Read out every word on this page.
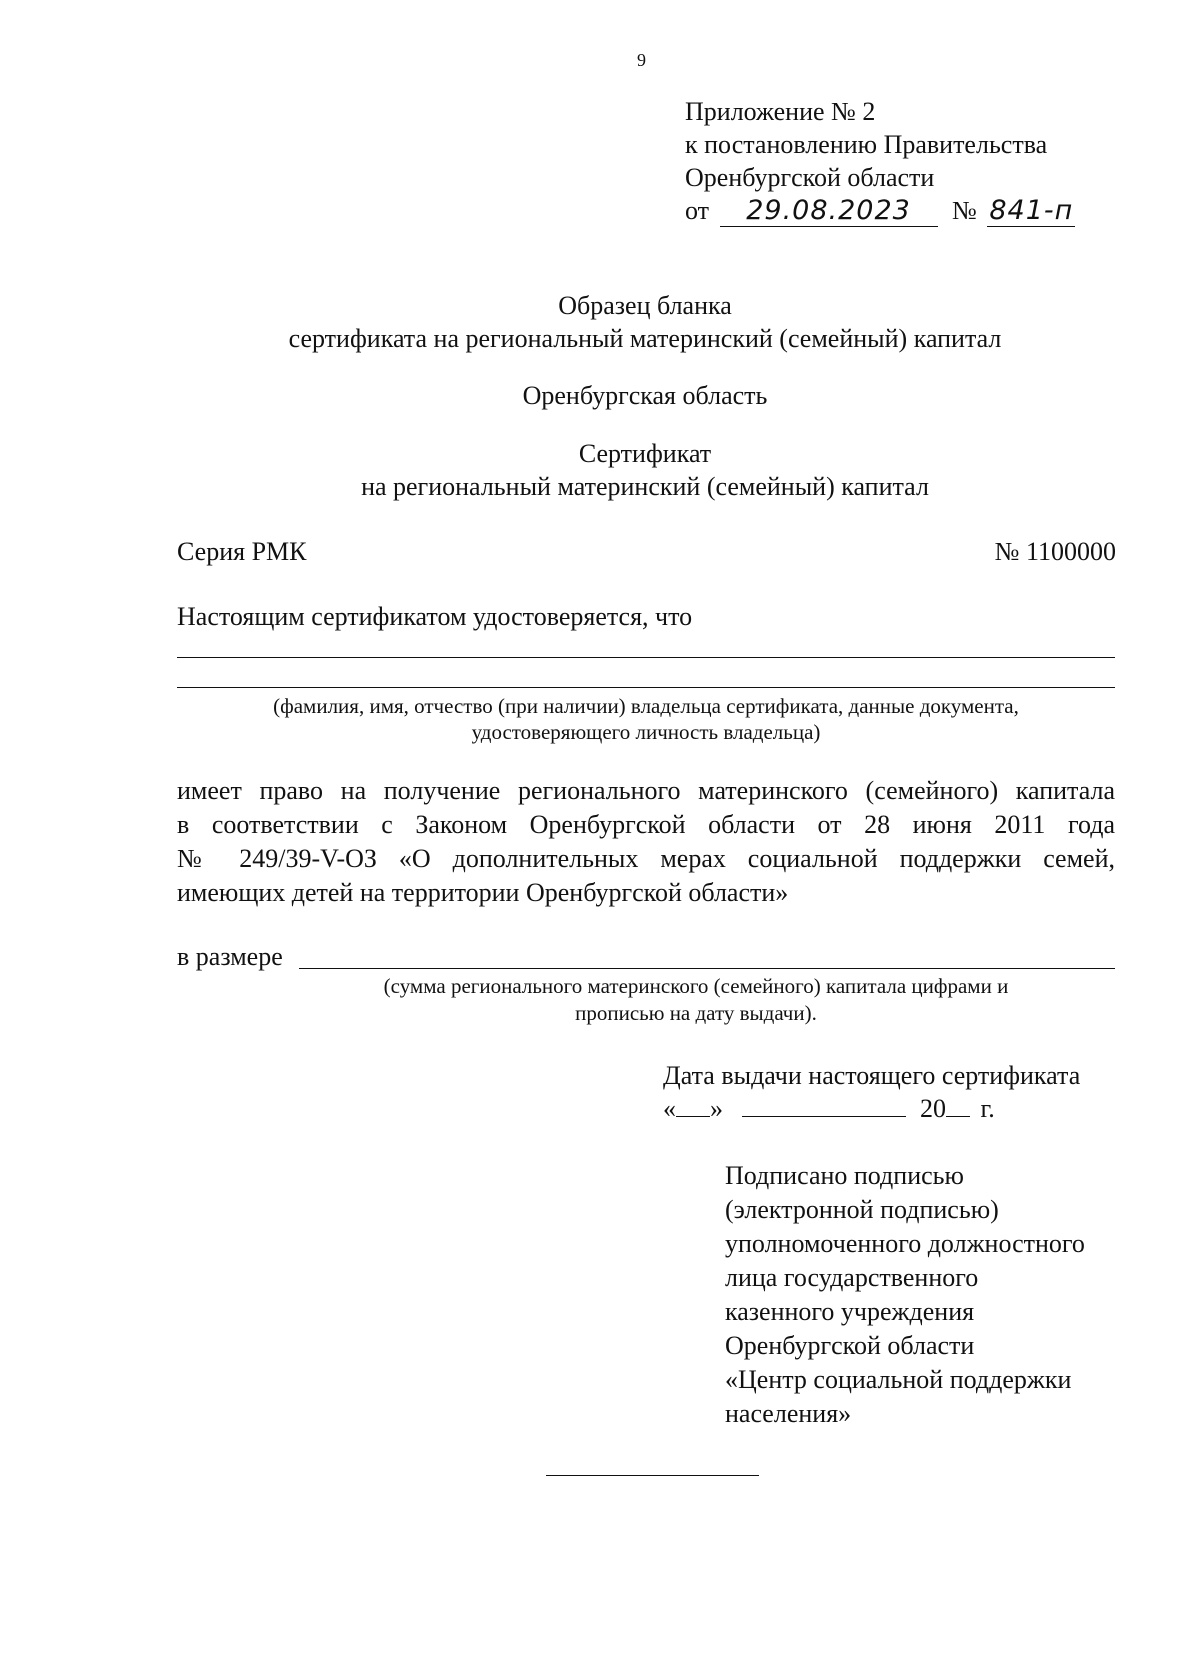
9
Приложение № 2
к постановлению Правительства
Оренбургской области
от 29.08.2023 № 841-п
Образец бланка
сертификата на региональный материнский (семейный) капитал
Оренбургская область
Сертификат
на региональный материнский (семейный) капитал
Серия РМК	№ 1100000
Настоящим сертификатом удостоверяется, что
(фамилия, имя, отчество (при наличии) владельца сертификата, данные документа,
удостоверяющего личность владельца)
имеет право на получение регионального материнского (семейного) капитала
в соответствии с Законом Оренбургской области от 28 июня 2011 года
№ 249/39-V-ОЗ «О дополнительных мерах социальной поддержки семей,
имеющих детей на территории Оренбургской области»
в размере
(сумма регионального материнского (семейного) капитала цифрами и
прописью на дату выдачи).
Дата выдачи настоящего сертификата
« »	20 г.
Подписано подписью
(электронной подписью)
уполномоченного должностного
лица государственного
казенного учреждения
Оренбургской области
«Центр социальной поддержки
населения»
